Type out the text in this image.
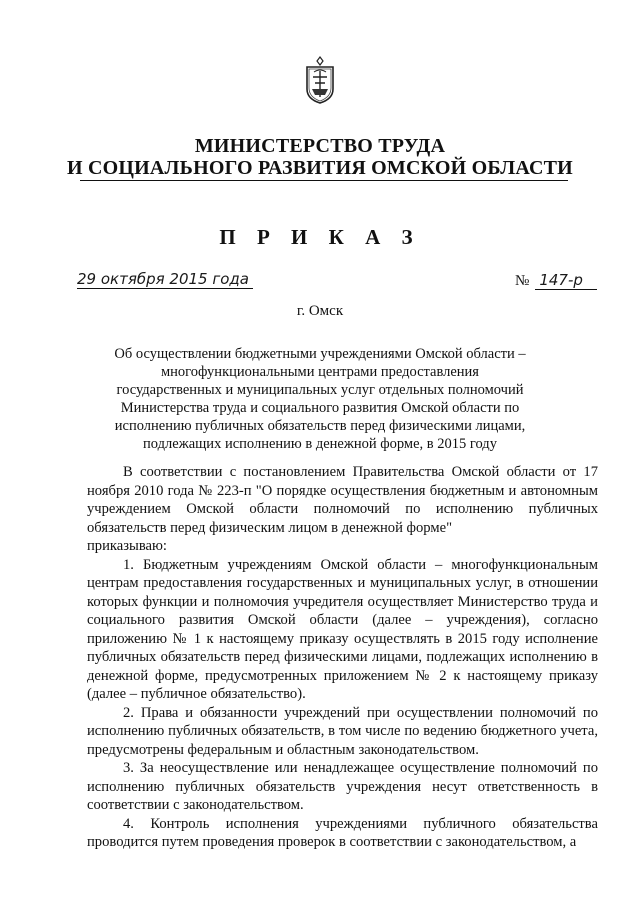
МИНИСТЕРСТВО ТРУДА
И СОЦИАЛЬНОГО РАЗВИТИЯ ОМСКОЙ ОБЛАСТИ
П Р И К А З
29 октября 2015 года	№ 147-р
г. Омск
Об осуществлении бюджетными учреждениями Омской области – многофункциональными центрами предоставления государственных и муниципальных услуг отдельных полномочий Министерства труда и социального развития Омской области по исполнению публичных обязательств перед физическими лицами, подлежащих исполнению в денежной форме, в 2015 году

В соответствии с постановлением Правительства Омской области от 17 ноября 2010 года № 223-п "О порядке осуществления бюджетным и автономным учреждением Омской области полномочий по исполнению публичных обязательств перед физическим лицом в денежной форме"

приказываю:

1. Бюджетным учреждениям Омской области – многофункциональным центрам предоставления государственных и муниципальных услуг, в отношении которых функции и полномочия учредителя осуществляет Министерство труда и социального развития Омской области (далее – учреждения), согласно приложению № 1 к настоящему приказу осуществлять в 2015 году исполнение публичных обязательств перед физическими лицами, подлежащих исполнению в денежной форме, предусмотренных приложением № 2 к настоящему приказу (далее – публичное обязательство).

2. Права и обязанности учреждений при осуществлении полномочий по исполнению публичных обязательств, в том числе по ведению бюджетного учета, предусмотрены федеральным и областным законодательством.

3. За неосуществление или ненадлежащее осуществление полномочий по исполнению публичных обязательств учреждения несут ответственность в соответствии с законодательством.

4. Контроль исполнения учреждениями публичного обязательства проводится путем проведения проверок в соответствии с законодательством, а
